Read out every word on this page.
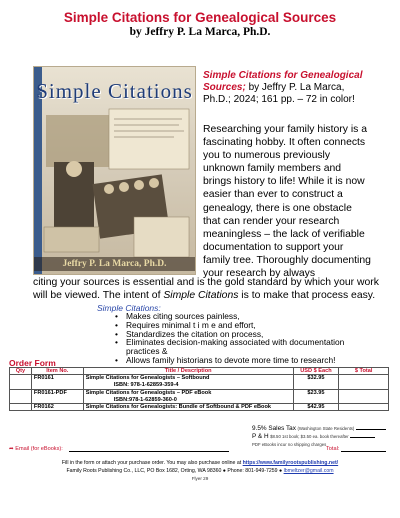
Simple Citations for Genealogical Sources
by Jeffry P. La Marca, Ph.D.
Simple Citations
Jeffry P. La Marca, Ph.D.
Simple Citations for Genealogical Sources; by Jeffry P. La Marca, Ph.D.; 2024; 161 pp. – 72 in color!
Researching your family history is a fascinating hobby. It often connects you to numerous previously unknown family members and brings history to life! While it is now easier than ever to construct a genealogy, there is one obstacle that can render your research meaningless – the lack of verifiable documentation to support your family tree. Thoroughly documenting your research by always
citing your sources is essential and is the gold standard by which your work will be viewed. The intent of Simple Citations is to make that process easy.
Simple Citations:
• Makes citing sources painless,
• Requires minimal t i m e and effort,
• Standardizes the citation on process,
• Eliminates decision-making associated with documentation practices &
• Allows family historians to devote more time to research!
Order Form
Qty	Item No.	Title / Description	USD $ Each	$ Total
	FR0161	Simple Citations for Genealogists – Softbound	$32.95	
		ISBN: 978-1-62859-359-4		
	FR0161-PDF	Simple Citations for Genealogists – PDF eBook	$23.95	
		ISBN:978-1-62859-360-0		
	FR0162	Simple Citations for Genealogists: Bundle of Softbound & PDF eBook	$42.95	
9.5% Sales Tax (Washington State Residents)
P & H $8.50 1st book; $3.50 ea. book thereafter
PDF eBooks incur no shipping charges
➦ Email (for eBooks):	Total:
Fill in the form or attach your purchase order. You may also purchase online at https://www.familyrootspublishing.net/
Family Roots Publishing Co., LLC, PO Box 1682, Orting, WA 98360 ● Phone: 801-949-7259 ● lbmeltzer@gmail.com
Flyer 29
